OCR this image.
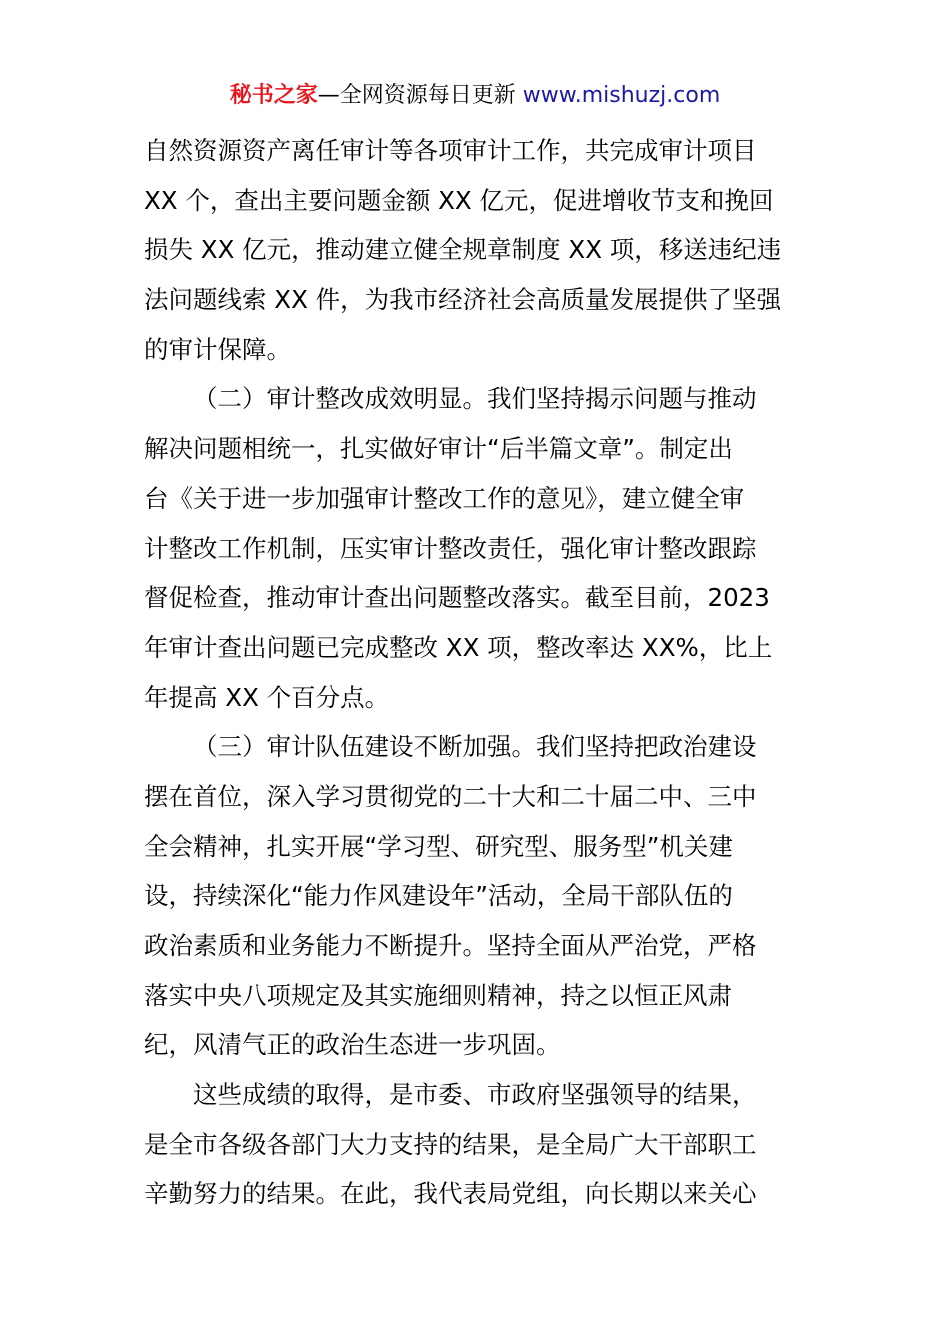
秘书之家—全网资源每日更新 www.mishuzj.com
自然资源资产离任审计等各项审计工作，共完成审计项目
XX 个，查出主要问题金额 XX 亿元，促进增收节支和挽回
损失 XX 亿元，推动建立健全规章制度 XX 项，移送违纪违
法问题线索 XX 件，为我市经济社会高质量发展提供了坚强
的审计保障。
（二）审计整改成效明显。我们坚持揭示问题与推动
解决问题相统一，扎实做好审计“后半篇文章”。制定出
台《关于进一步加强审计整改工作的意见》，建立健全审
计整改工作机制，压实审计整改责任，强化审计整改跟踪
督促检查，推动审计查出问题整改落实。截至目前，2023
年审计查出问题已完成整改 XX 项，整改率达 XX%，比上
年提高 XX 个百分点。
（三）审计队伍建设不断加强。我们坚持把政治建设
摆在首位，深入学习贯彻党的二十大和二十届二中、三中
全会精神，扎实开展“学习型、研究型、服务型”机关建
设，持续深化“能力作风建设年”活动，全局干部队伍的
政治素质和业务能力不断提升。坚持全面从严治党，严格
落实中央八项规定及其实施细则精神，持之以恒正风肃
纪，风清气正的政治生态进一步巩固。
这些成绩的取得，是市委、市政府坚强领导的结果，
是全市各级各部门大力支持的结果，是全局广大干部职工
辛勤努力的结果。在此，我代表局党组，向长期以来关心
